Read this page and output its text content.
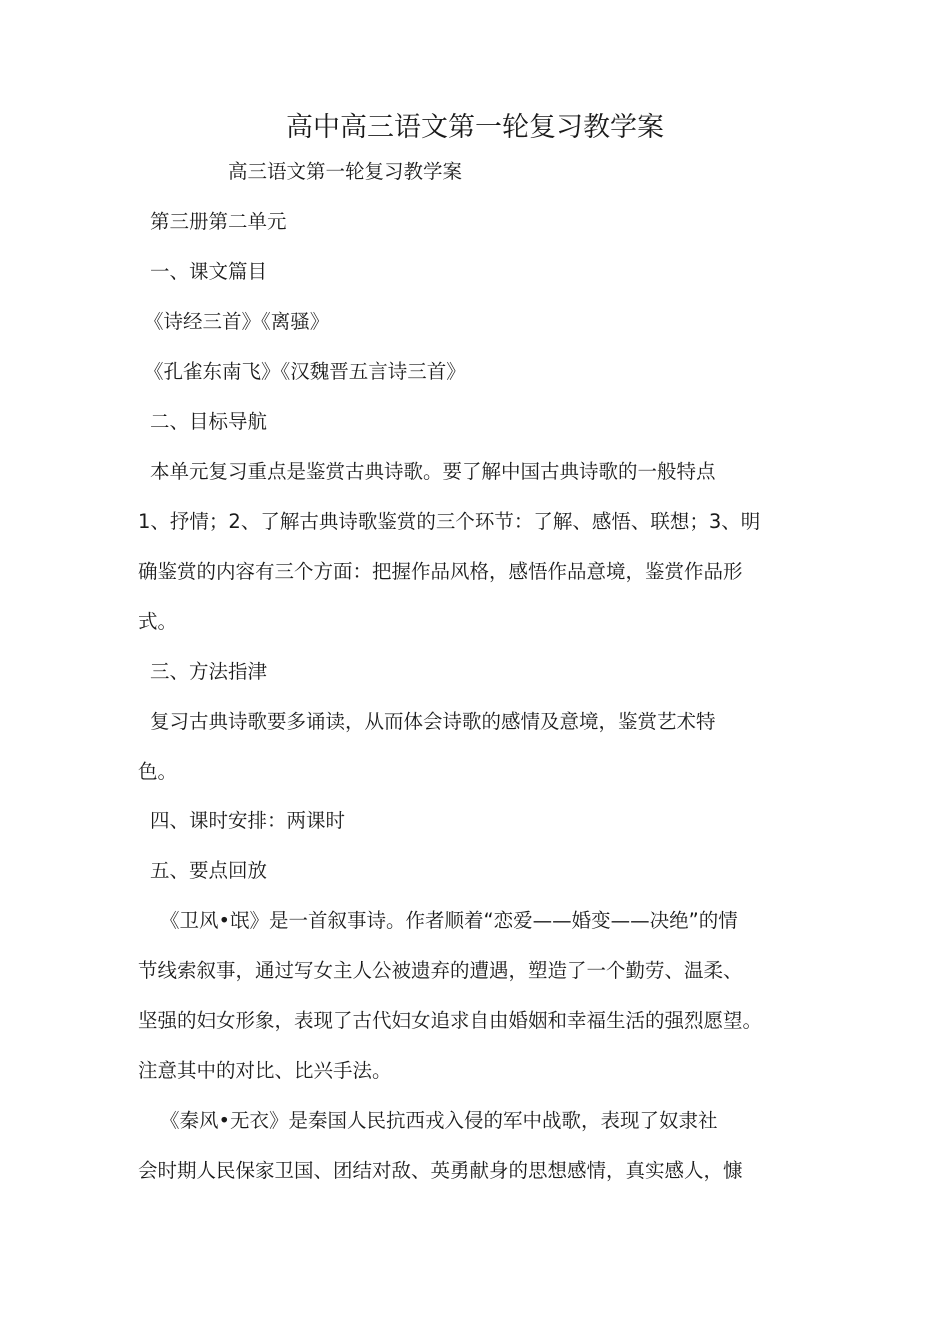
高中高三语文第一轮复习教学案

高三语文第一轮复习教学案

第三册第二单元

一、课文篇目

《诗经三首》《离骚》

《孔雀东南飞》《汉魏晋五言诗三首》

二、目标导航

本单元复习重点是鉴赏古典诗歌。要了解中国古典诗歌的一般特点

1、抒情；2、了解古典诗歌鉴赏的三个环节：了解、感悟、联想；3、明

确鉴赏的内容有三个方面：把握作品风格，感悟作品意境，鉴赏作品形

式。

三、方法指津

复习古典诗歌要多诵读，从而体会诗歌的感情及意境，鉴赏艺术特

色。

四、课时安排：两课时

五、要点回放

《卫风•氓》是一首叙事诗。作者顺着“恋爱——婚变——决绝”的情

节线索叙事，通过写女主人公被遗弃的遭遇，塑造了一个勤劳、温柔、

坚强的妇女形象，表现了古代妇女追求自由婚姻和幸福生活的强烈愿望。

注意其中的对比、比兴手法。

《秦风•无衣》是秦国人民抗西戎入侵的军中战歌，表现了奴隶社

会时期人民保家卫国、团结对敌、英勇献身的思想感情，真实感人，慷
